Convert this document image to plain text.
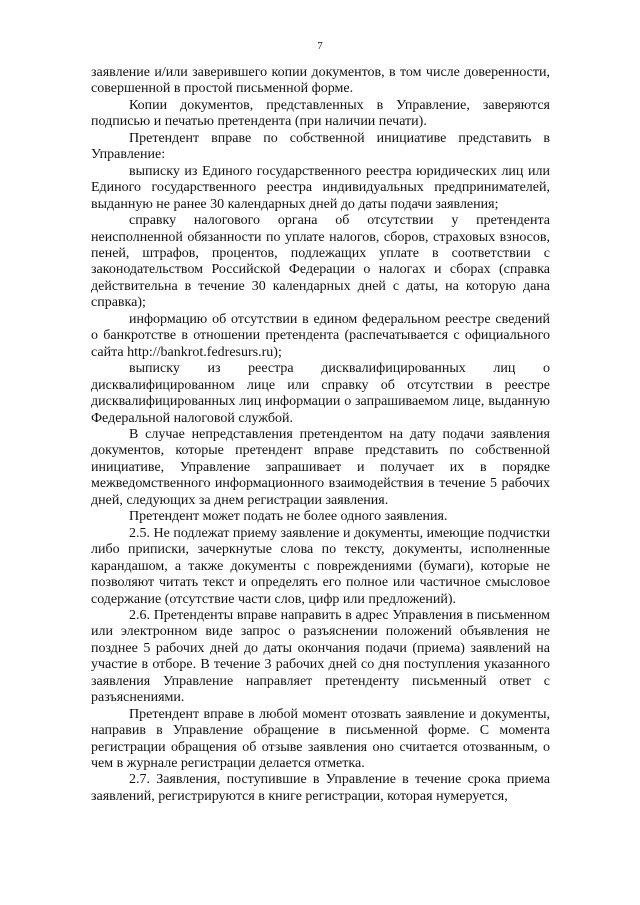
7

заявление и/или заверившего копии документов, в том числе доверенности, совершенной в простой письменной форме.

Копии документов, представленных в Управление, заверяются подписью и печатью претендента (при наличии печати).

Претендент вправе по собственной инициативе представить в Управление:

выписку из Единого государственного реестра юридических лиц или Единого государственного реестра индивидуальных предпринимателей, выданную не ранее 30 календарных дней до даты подачи заявления;

справку налогового органа об отсутствии у претендента неисполненной обязанности по уплате налогов, сборов, страховых взносов, пеней, штрафов, процентов, подлежащих уплате в соответствии с законодательством Российской Федерации о налогах и сборах (справка действительна в течение 30 календарных дней с даты, на которую дана справка);

информацию об отсутствии в едином федеральном реестре сведений о банкротстве в отношении претендента (распечатывается с официального сайта http://bankrot.fedresurs.ru);

выписку из реестра дисквалифицированных лиц о дисквалифицированном лице или справку об отсутствии в реестре дисквалифицированных лиц информации о запрашиваемом лице, выданную Федеральной налоговой службой.

В случае непредставления претендентом на дату подачи заявления документов, которые претендент вправе представить по собственной инициативе, Управление запрашивает и получает их в порядке межведомственного информационного взаимодействия в течение 5 рабочих дней, следующих за днем регистрации заявления.

Претендент может подать не более одного заявления.

2.5. Не подлежат приему заявление и документы, имеющие подчистки либо приписки, зачеркнутые слова по тексту, документы, исполненные карандашом, а также документы с повреждениями (бумаги), которые не позволяют читать текст и определять его полное или частичное смысловое содержание (отсутствие части слов, цифр или предложений).

2.6. Претенденты вправе направить в адрес Управления в письменном или электронном виде запрос о разъяснении положений объявления не позднее 5 рабочих дней до даты окончания подачи (приема) заявлений на участие в отборе. В течение 3 рабочих дней со дня поступления указанного заявления Управление направляет претенденту письменный ответ с разъяснениями.

Претендент вправе в любой момент отозвать заявление и документы, направив в Управление обращение в письменной форме. С момента регистрации обращения об отзыве заявления оно считается отозванным, о чем в журнале регистрации делается отметка.

2.7. Заявления, поступившие в Управление в течение срока приема заявлений, регистрируются в книге регистрации, которая нумеруется,
